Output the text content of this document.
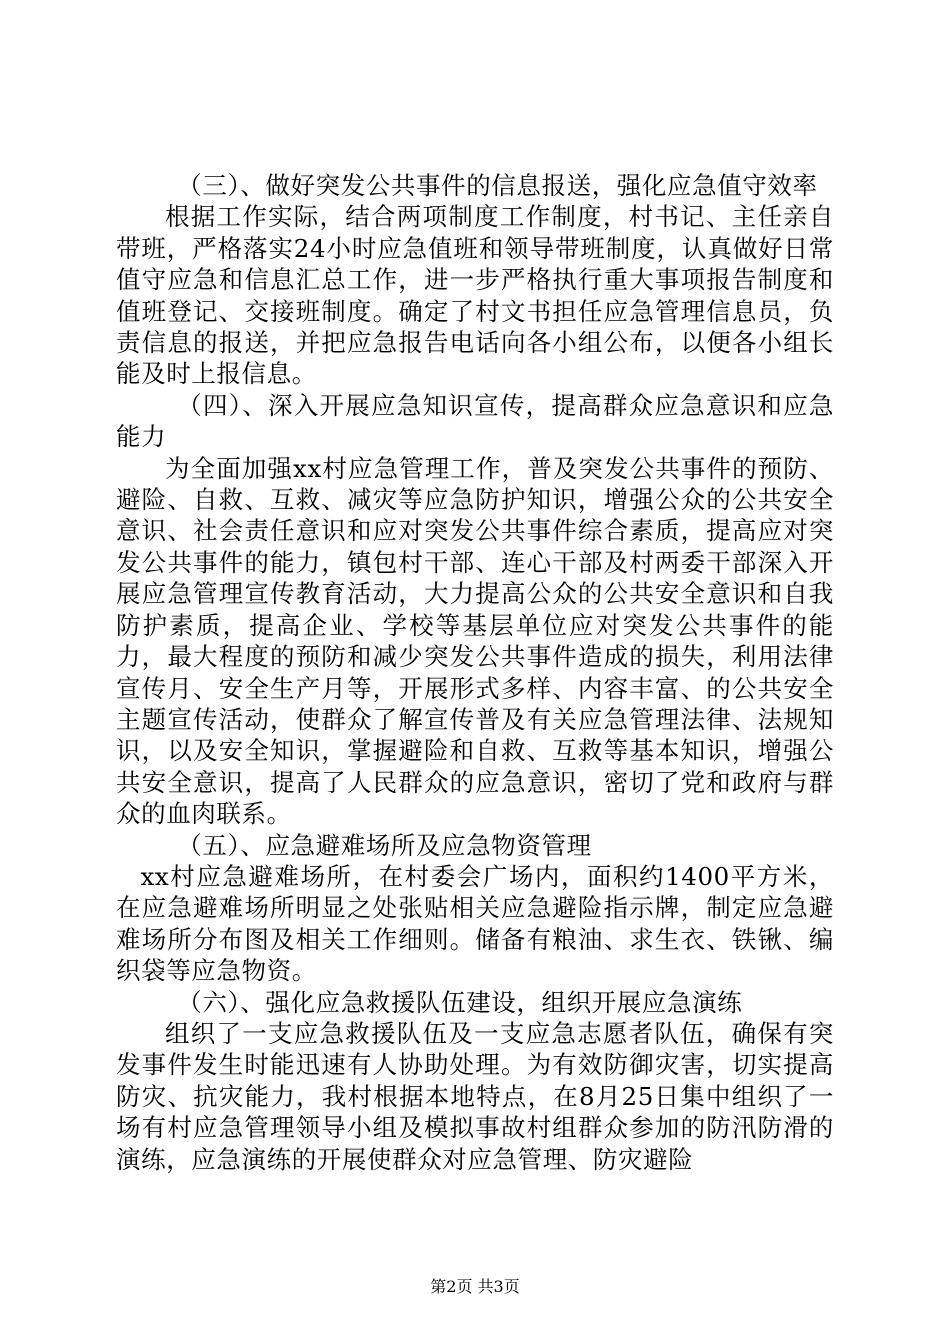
（三）、做好突发公共事件的信息报送，强化应急值守效率

根据工作实际，结合两项制度工作制度，村书记、主任亲自带班，严格落实24小时应急值班和领导带班制度，认真做好日常值守应急和信息汇总工作，进一步严格执行重大事项报告制度和值班登记、交接班制度。确定了村文书担任应急管理信息员，负责信息的报送，并把应急报告电话向各小组公布，以便各小组长能及时上报信息。

（四）、深入开展应急知识宣传，提高群众应急意识和应急能力

为全面加强xx村应急管理工作，普及突发公共事件的预防、避险、自救、互救、减灾等应急防护知识，增强公众的公共安全意识、社会责任意识和应对突发公共事件综合素质，提高应对突发公共事件的能力，镇包村干部、连心干部及村两委干部深入开展应急管理宣传教育活动，大力提高公众的公共安全意识和自我防护素质，提高企业、学校等基层单位应对突发公共事件的能力，最大程度的预防和减少突发公共事件造成的损失，利用法律宣传月、安全生产月等，开展形式多样、内容丰富、的公共安全主题宣传活动，使群众了解宣传普及有关应急管理法律、法规知识，以及安全知识，掌握避险和自救、互救等基本知识，增强公共安全意识，提高了人民群众的应急意识，密切了党和政府与群众的血肉联系。

（五）、应急避难场所及应急物资管理

xx村应急避难场所，在村委会广场内，面积约1400平方米，在应急避难场所明显之处张贴相关应急避险指示牌，制定应急避难场所分布图及相关工作细则。储备有粮油、求生衣、铁锹、编织袋等应急物资。

（六）、强化应急救援队伍建设，组织开展应急演练

组织了一支应急救援队伍及一支应急志愿者队伍，确保有突发事件发生时能迅速有人协助处理。为有效防御灾害，切实提高防灾、抗灾能力，我村根据本地特点，在8月25日集中组织了一场有村应急管理领导小组及模拟事故村组群众参加的防汛防滑的演练，应急演练的开展使群众对应急管理、防灾避险

第2页 共3页
